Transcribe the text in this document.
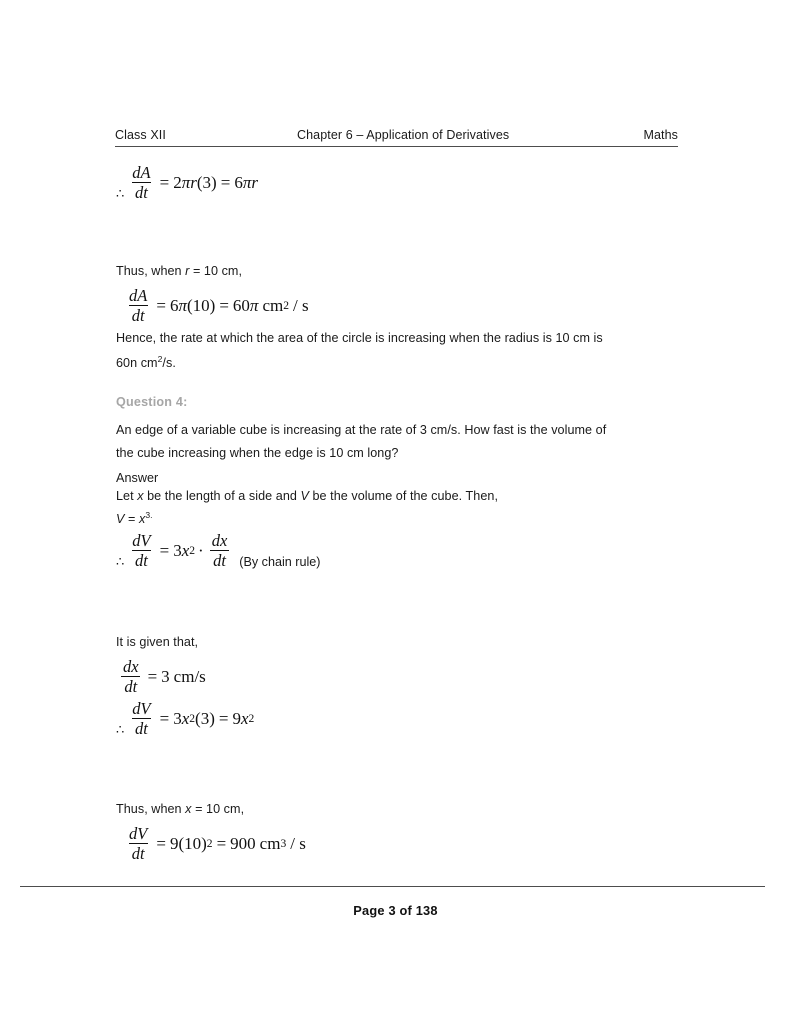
Class XII	Chapter 6 – Application of Derivatives	Maths
∴ $\frac{dA}{dt} = 2$ π r ( 3 ) = 6 π r
Thus, when r = 10 cm,
$\frac{dA}{dt} = 6$ π ( 10 ) = 60 π cm 2 / s
Hence, the rate at which the area of the circle is increasing when the radius is 10 cm is
60n $cm^2/s$.
Question 4:
An edge of a variable cube is increasing at the rate of 3 cm/s. How fast is the volume of
the cube increasing when the edge is 10 cm long?
Answer
Let x be the length of a side and V be the volume of the cube. Then,
$V = x^{3.}$
∴ $\frac{dV}{dt} = 3$ x $2 \cdot \frac{dx}{dt} (By$ chain rule)
It is given that,
$\frac{dx}{dt} = 3$ cm/s
∴ $\frac{dV}{dt} = 3$ x 2 ( 3 ) = 9 x 2
Thus, when x = 10 cm,
$\frac{dV}{dt} = 9$ ( 10 ) 2 = 900 cm 3 / s
Page 3 of 138
